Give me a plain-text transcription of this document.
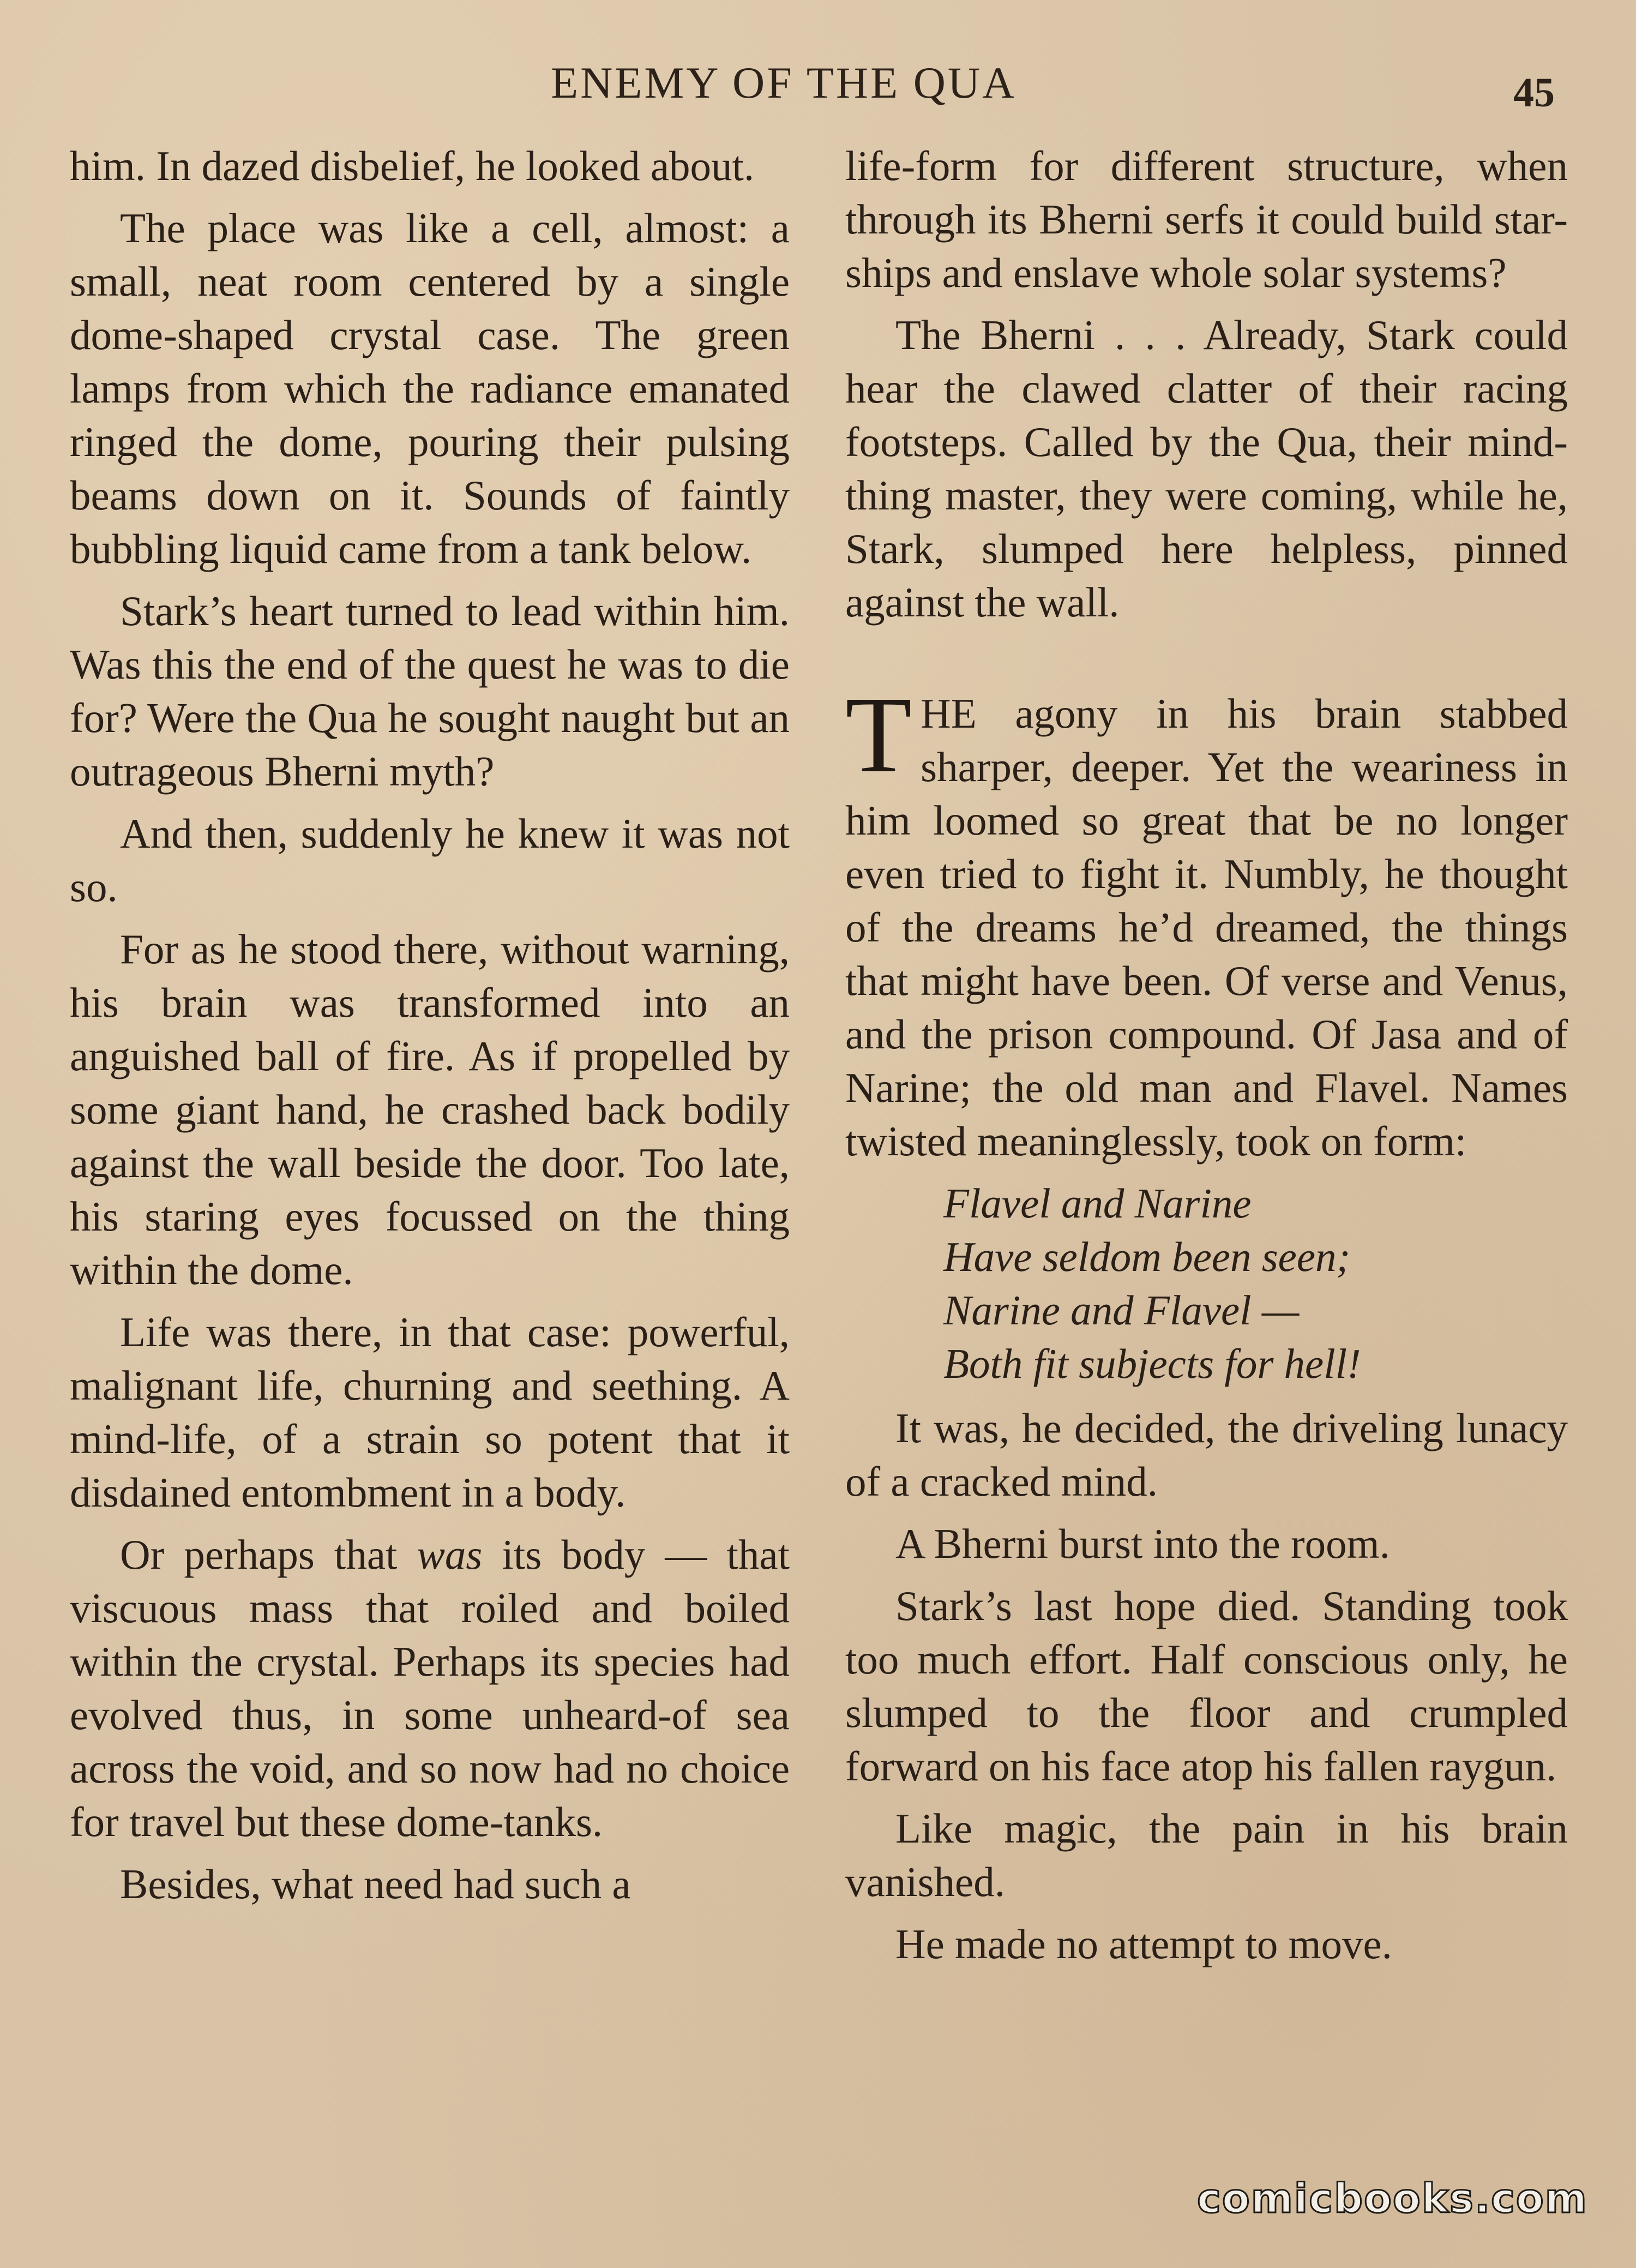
ENEMY OF THE QUA	45

him. In dazed disbelief, he looked about.

The place was like a cell, almost: a small, neat room centered by a single dome-shaped crystal case. The green lamps from which the radiance emanated ringed the dome, pouring their pulsing beams down on it. Sounds of faintly bubbling liquid came from a tank below.

Stark’s heart turned to lead within him. Was this the end of the quest he was to die for? Were the Qua he sought naught but an outrageous Bherni myth?

And then, suddenly he knew it was not so.

For as he stood there, without warning, his brain was transformed into an anguished ball of fire. As if propelled by some giant hand, he crashed back bodily against the wall beside the door. Too late, his staring eyes focussed on the thing within the dome.

Life was there, in that case: powerful, malignant life, churning and seething. A mind-life, of a strain so potent that it disdained entombment in a body.

Or perhaps that was its body — that viscuous mass that roiled and boiled within the crystal. Perhaps its species had evolved thus, in some unheard-of sea across the void, and so now had no choice for travel but these dome-tanks.

Besides, what need had such a

life-form for different structure, when through its Bherni serfs it could build star-ships and enslave whole solar systems?

The Bherni . . . Already, Stark could hear the clawed clatter of their racing footsteps. Called by the Qua, their mind-thing master, they were coming, while he, Stark, slumped here helpless, pinned against the wall.

THE agony in his brain stabbed sharper, deeper. Yet the weariness in him loomed so great that be no longer even tried to fight it. Numbly, he thought of the dreams he’d dreamed, the things that might have been. Of verse and Venus, and the prison compound. Of Jasa and of Narine; the old man and Flavel. Names twisted meaninglessly, took on form:

Flavel and Narine
Have seldom been seen;
Narine and Flavel —
Both fit subjects for hell!

It was, he decided, the driveling lunacy of a cracked mind.

A Bherni burst into the room.

Stark’s last hope died. Standing took too much effort. Half conscious only, he slumped to the floor and crumpled forward on his face atop his fallen raygun.

Like magic, the pain in his brain vanished.

He made no attempt to move.

comicbooks.com
